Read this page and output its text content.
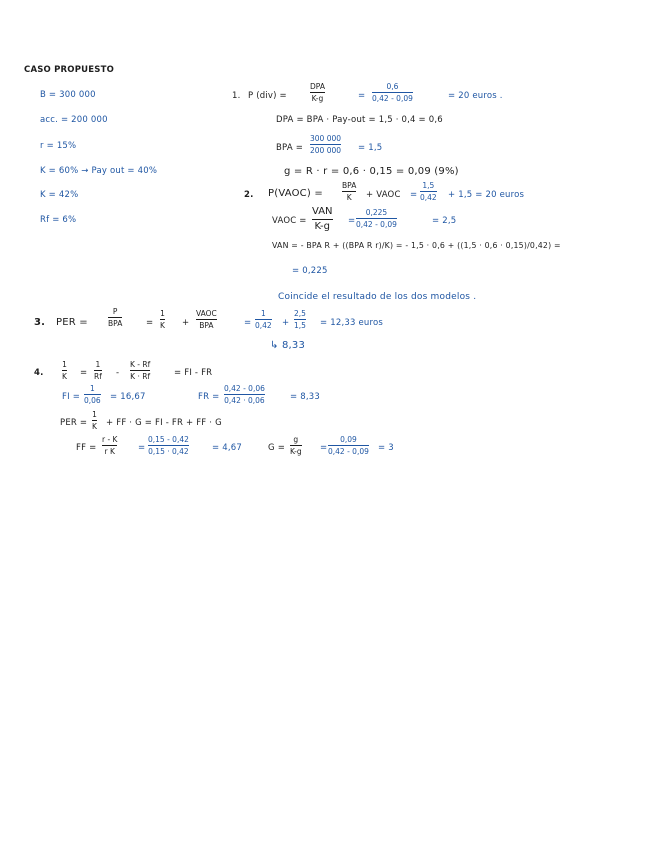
CASO PROPUESTO
B = 300 000
acc. = 200 000
r = 15%
K = 60% → Pay out = 40%
K = 42%
Rf = 6%
1. P (div) =
DPA
K-g	=
0,6
0,42 - 0,09	= 20 euros .
DPA = BPA · Pay-out = 1,5 · 0,4 = 0,6
BPA =
300 000
200 000 = 1,5
g = R · r = 0,6 · 0,15 = 0,09 (9%)
2. P(VAOC) =
BPA
K + VAOC =
1,5
0,42 + 1,5 = 20 euros
VAOC =
VAN
K-g =
0,225
0,42 - 0,09	= 2,5
VAN = - BPA R + ((BPA R r)/K) = - 1,5 · 0,6 + ((1,5 · 0,6 · 0,15)/0,42) =
= 0,225
Coincide el resultado de los dos modelos .
3. PER =
P
BPA	=
1
K +
VAOC
BPA	=
1
0,42 +
2,5
1,5 = 12,33 euros
↳ 8,33
4.
1
K =
1
Rf -
K - Rf
K · Rf	= FI - FR
FI =
1
0,06 = 16,67	FR =
0,42 - 0,06
0,42 · 0,06	= 8,33
PER =
1
K + FF · G = FI - FR + FF · G
FF =
r - K
r K	=
0,15 - 0,42
0,15 · 0,42	= 4,67	G =
g
K-g =
0,09
0,42 - 0,09 = 3
